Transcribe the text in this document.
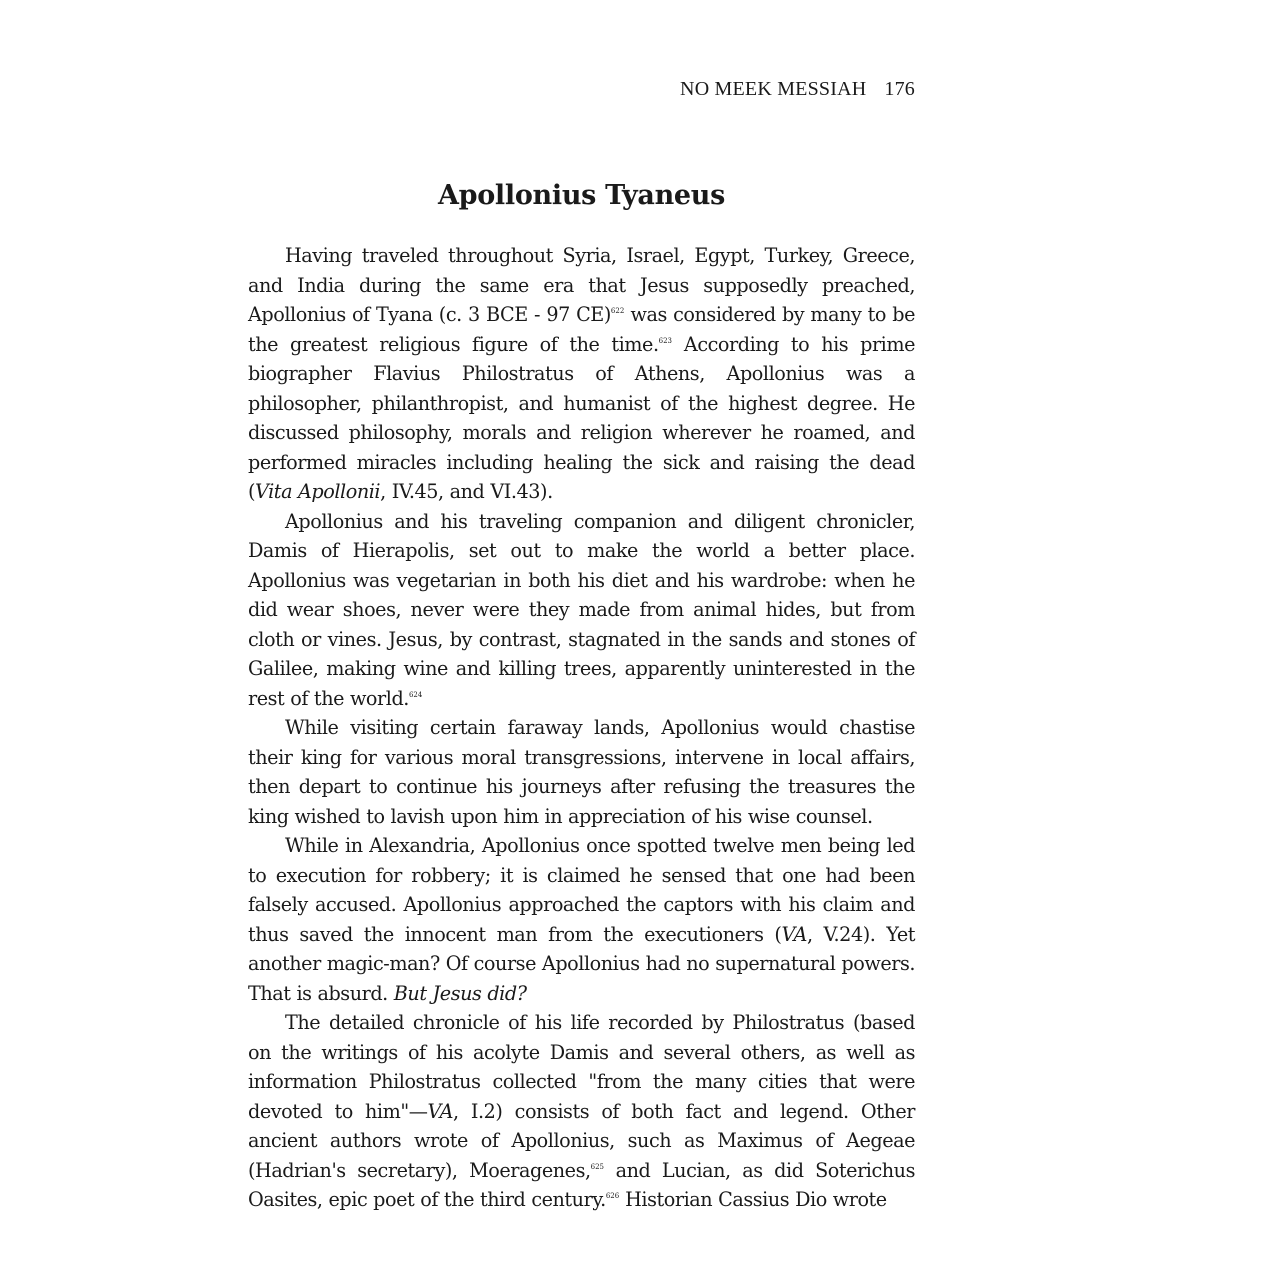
NO MEEK MESSIAH 176
Apollonius Tyaneus

Having traveled throughout Syria, Israel, Egypt, Turkey, Greece, and India during the same era that Jesus supposedly preached, Apollonius of Tyana (c. 3 BCE - 97 CE)$^{622}$ was considered by many to be the greatest religious figure of the time.$^{623}$ According to his prime biographer Flavius Philostratus of Athens, Apollonius was a philosopher, philanthropist, and humanist of the highest degree. He discussed philosophy, morals and religion wherever he roamed, and performed miracles including healing the sick and raising the dead (Vita Apollonii, IV.45, and VI.43).

Apollonius and his traveling companion and diligent chronicler, Damis of Hierapolis, set out to make the world a better place. Apollonius was vegetarian in both his diet and his wardrobe: when he did wear shoes, never were they made from animal hides, but from cloth or vines. Jesus, by contrast, stagnated in the sands and stones of Galilee, making wine and killing trees, apparently uninterested in the rest of the world.$^{624}$

While visiting certain faraway lands, Apollonius would chastise their king for various moral transgressions, intervene in local affairs, then depart to continue his journeys after refusing the treasures the king wished to lavish upon him in appreciation of his wise counsel.

While in Alexandria, Apollonius once spotted twelve men being led to execution for robbery; it is claimed he sensed that one had been falsely accused. Apollonius approached the captors with his claim and thus saved the innocent man from the executioners (VA, V.24). Yet another magic-man? Of course Apollonius had no supernatural powers. That is absurd. But Jesus did?

The detailed chronicle of his life recorded by Philostratus (based on the writings of his acolyte Damis and several others, as well as information Philostratus collected "from the many cities that were devoted to him"—VA, I.2) consists of both fact and legend. Other ancient authors wrote of Apollonius, such as Maximus of Aegeae (Hadrian's secretary), Moeragenes,$^{625}$ and Lucian, as did Soterichus Oasites, epic poet of the third century.$^{626}$ Historian Cassius Dio wrote
